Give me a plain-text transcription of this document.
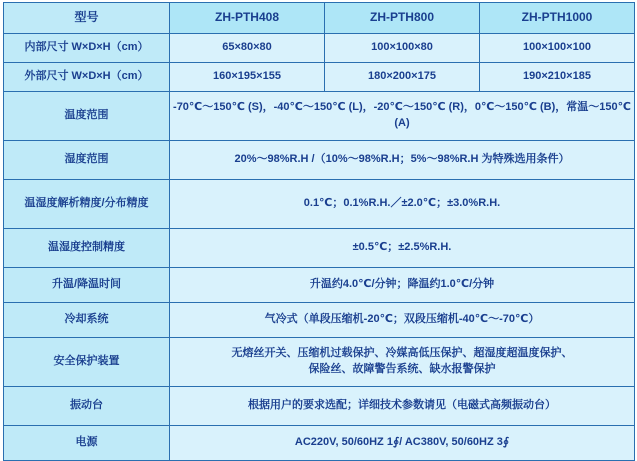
型号	ZH-PTH408	ZH-PTH800	ZH-PTH1000
内部尺寸 W×D×H（cm）	65×80×80	100×100×80	100×100×100
外部尺寸 W×D×H（cm）	160×195×155	180×200×175	190×210×185
温度范围	-70℃～150℃ (S)，-40℃～150℃ (L)，-20℃～150℃ (R)，0℃～150℃ (B)，常温～150℃ (A)		
湿度范围	20%～98%R.H /（10%～98%R.H；5%～98%R.H 为特殊选用条件）		
温湿度解析精度/分布精度	0.1℃；0.1%R.H.／±2.0℃；±3.0%R.H.		
温湿度控制精度	±0.5℃；±2.5%R.H.		
升温/降温时间	升温约4.0℃/分钟；降温约1.0℃/分钟		
冷却系统	气冷式（单段压缩机-20℃；双段压缩机-40℃～-70℃）		
安全保护装置	无熔丝开关、压缩机过载保护、冷媒高低压保护、超湿度超温度保护、
保险丝、故障警告系统、缺水报警保护		

振动台	根据用户的要求选配；详细技术参数请见（电磁式高频振动台）		
电源	AC220V, 50/60HZ 1∮/ AC380V, 50/60HZ 3∮		
